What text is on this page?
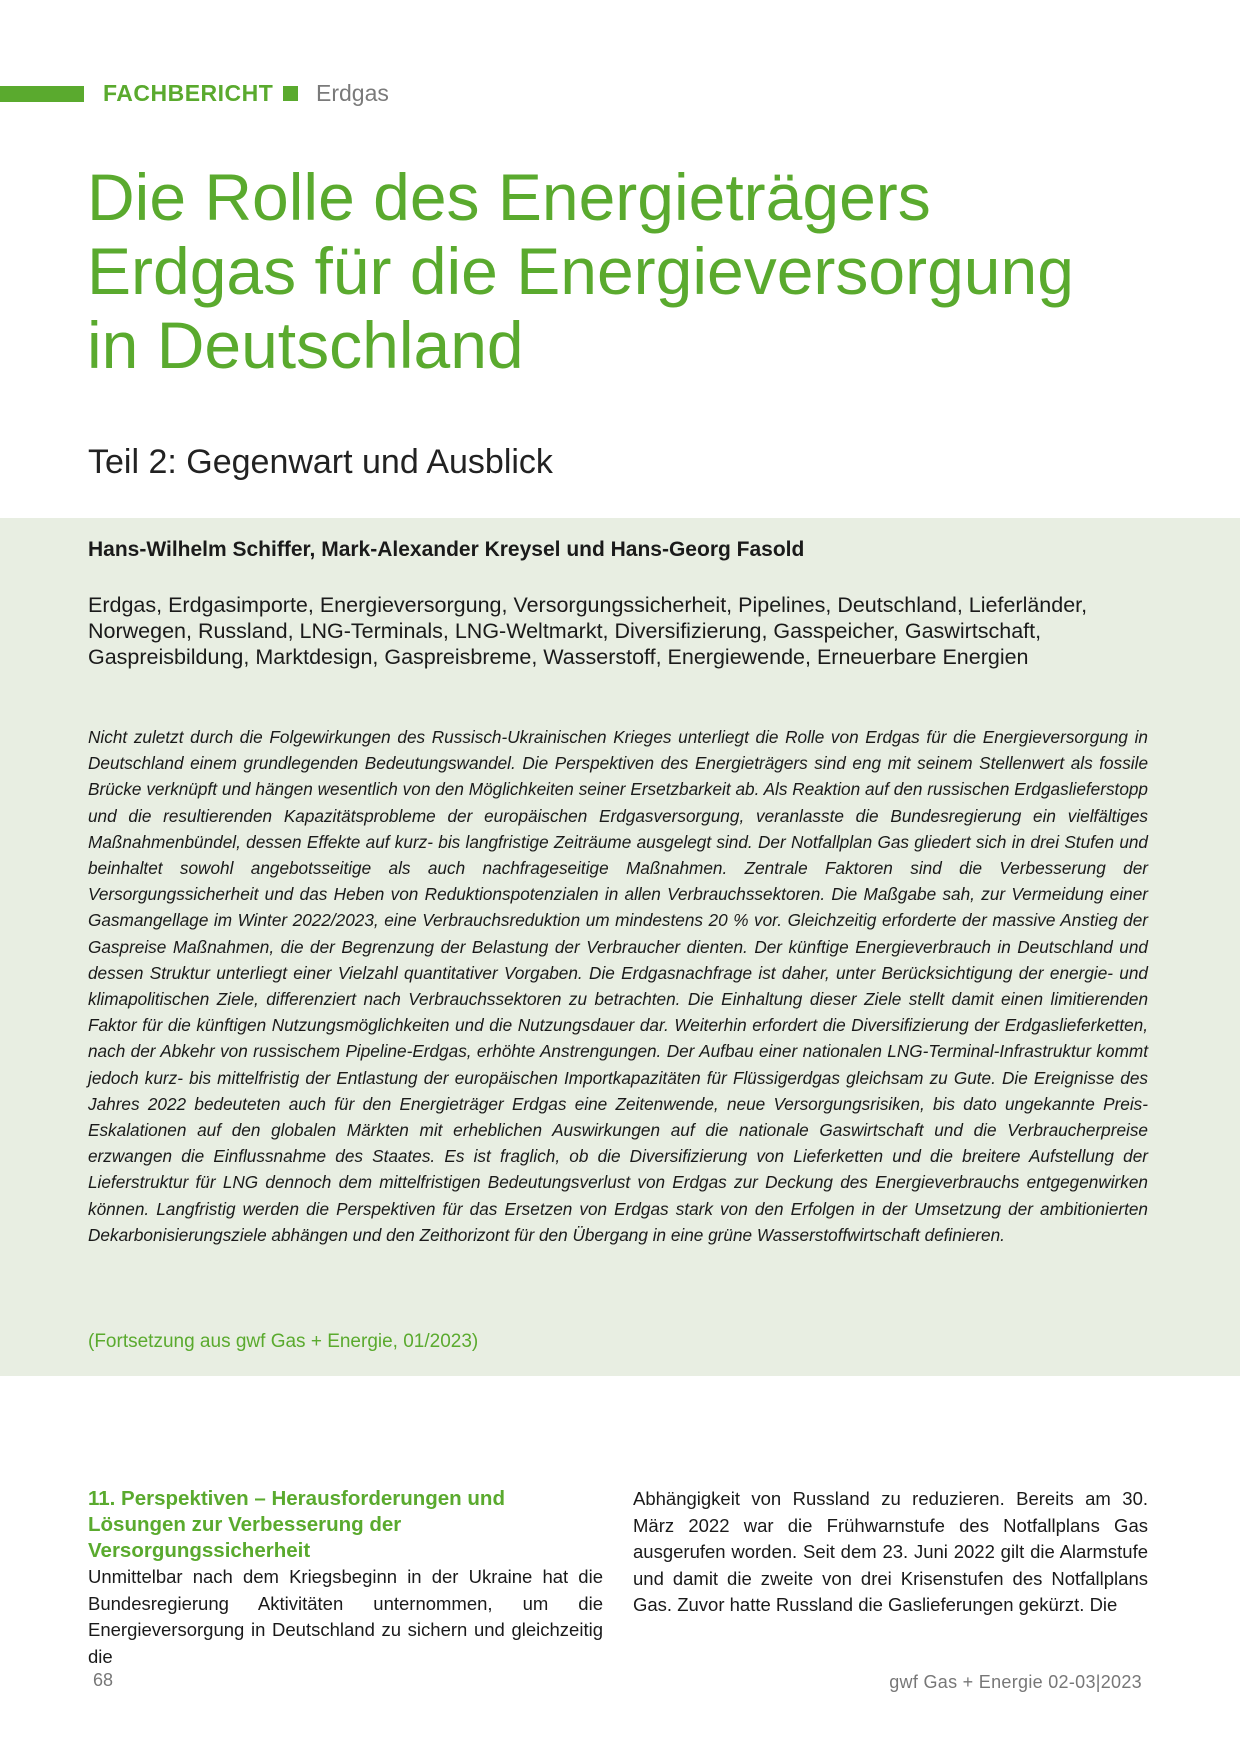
FACHBERICHT Erdgas
Die Rolle des Energieträgers
Erdgas für die Energieversorgung
in Deutschland
Teil 2: Gegenwart und Ausblick
Hans-Wilhelm Schiffer, Mark-Alexander Kreysel und Hans-Georg Fasold
Erdgas, Erdgasimporte, Energieversorgung, Versorgungssicherheit, Pipelines, Deutschland, Lieferländer, Norwegen, Russland, LNG-Terminals, LNG-Weltmarkt, Diversifizierung, Gasspeicher, Gaswirtschaft, Gaspreisbildung, Marktdesign, Gaspreisbreme, Wasserstoff, Energiewende, Erneuerbare Energien
Nicht zuletzt durch die Folgewirkungen des Russisch-Ukrainischen Krieges unterliegt die Rolle von Erdgas für die Energieversorgung in Deutschland einem grundlegenden Bedeutungswandel. Die Perspektiven des Energieträgers sind eng mit seinem Stellenwert als fossile Brücke verknüpft und hängen wesentlich von den Möglichkeiten seiner Ersetzbarkeit ab. Als Reaktion auf den russischen Erdgaslieferstopp und die resultierenden Kapazitätsprobleme der europäischen Erdgasversorgung, veranlasste die Bundesregierung ein vielfältiges Maßnahmenbündel, dessen Effekte auf kurz- bis langfristige Zeiträume ausgelegt sind. Der Notfallplan Gas gliedert sich in drei Stufen und beinhaltet sowohl angebotsseitige als auch nachfrageseitige Maßnahmen. Zentrale Faktoren sind die Verbesserung der Versorgungssicherheit und das Heben von Reduktionspotenzialen in allen Verbrauchssektoren. Die Maßgabe sah, zur Vermeidung einer Gasmangellage im Winter 2022/2023, eine Verbrauchsreduktion um mindestens 20 % vor. Gleichzeitig erforderte der massive Anstieg der Gaspreise Maßnahmen, die der Begrenzung der Belastung der Verbraucher dienten. Der künftige Energieverbrauch in Deutschland und dessen Struktur unterliegt einer Vielzahl quantitativer Vorgaben. Die Erdgasnachfrage ist daher, unter Berücksichtigung der energie- und klimapolitischen Ziele, differenziert nach Verbrauchssektoren zu betrachten. Die Einhaltung dieser Ziele stellt damit einen limitierenden Faktor für die künftigen Nutzungsmöglichkeiten und die Nutzungsdauer dar. Weiterhin erfordert die Diversifizierung der Erdgaslieferketten, nach der Abkehr von russischem Pipeline-Erdgas, erhöhte Anstrengungen. Der Aufbau einer nationalen LNG-Terminal-Infrastruktur kommt jedoch kurz- bis mittelfristig der Entlastung der europäischen Importkapazitäten für Flüssigerdgas gleichsam zu Gute. Die Ereignisse des Jahres 2022 bedeuteten auch für den Energieträger Erdgas eine Zeitenwende, neue Versorgungsrisiken, bis dato ungekannte Preis-Eskalationen auf den globalen Märkten mit erheblichen Auswirkungen auf die nationale Gaswirtschaft und die Verbraucherpreise erzwangen die Einflussnahme des Staates. Es ist fraglich, ob die Diversifizierung von Lieferketten und die breitere Aufstellung der Lieferstruktur für LNG dennoch dem mittelfristigen Bedeutungsverlust von Erdgas zur Deckung des Energieverbrauchs entgegenwirken können. Langfristig werden die Perspektiven für das Ersetzen von Erdgas stark von den Erfolgen in der Umsetzung der ambitionierten Dekarbonisierungsziele abhängen und den Zeithorizont für den Übergang in eine grüne Wasserstoffwirtschaft definieren.
(Fortsetzung aus gwf Gas + Energie, 01/2023)
11. Perspektiven – Herausforderungen und Lösungen zur Verbesserung der Versorgungssicherheit

Unmittelbar nach dem Kriegsbeginn in der Ukraine hat die Bundesregierung Aktivitäten unternommen, um die Energieversorgung in Deutschland zu sichern und gleichzeitig die

Abhängigkeit von Russland zu reduzieren. Bereits am 30. März 2022 war die Frühwarnstufe des Notfallplans Gas ausgerufen worden. Seit dem 23. Juni 2022 gilt die Alarmstufe und damit die zweite von drei Krisenstufen des Notfallplans Gas. Zuvor hatte Russland die Gaslieferungen gekürzt. Die

68	gwf Gas + Energie 02-03|2023
